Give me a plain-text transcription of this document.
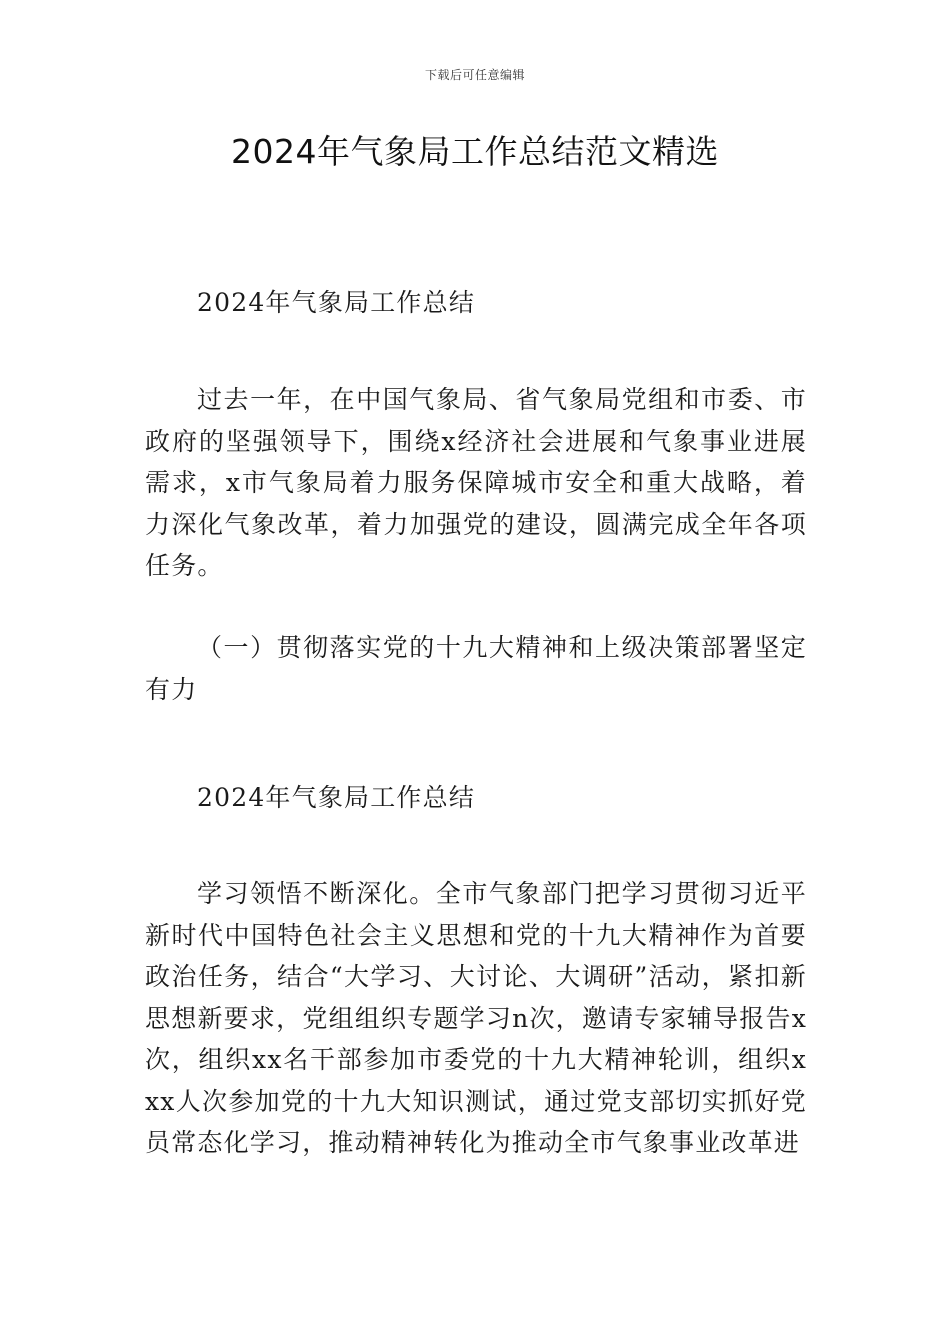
下载后可任意编辑
2024年气象局工作总结范文精选
2024年气象局工作总结
过去一年，在中国气象局、省气象局党组和市委、市政府的坚强领导下，围绕x经济社会进展和气象事业进展需求，x市气象局着力服务保障城市安全和重大战略，着力深化气象改革，着力加强党的建设，圆满完成全年各项任务。
（一）贯彻落实党的十九大精神和上级决策部署坚定有力
2024年气象局工作总结
学习领悟不断深化。全市气象部门把学习贯彻习近平新时代中国特色社会主义思想和党的十九大精神作为首要政治任务，结合“大学习、大讨论、大调研”活动，紧扣新思想新要求，党组组织专题学习n次，邀请专家辅导报告x次，组织xx名干部参加市委党的十九大精神轮训，组织xxx人次参加党的十九大知识测试，通过党支部切实抓好党员常态化学习，推动精神转化为推动全市气象事业改革进
